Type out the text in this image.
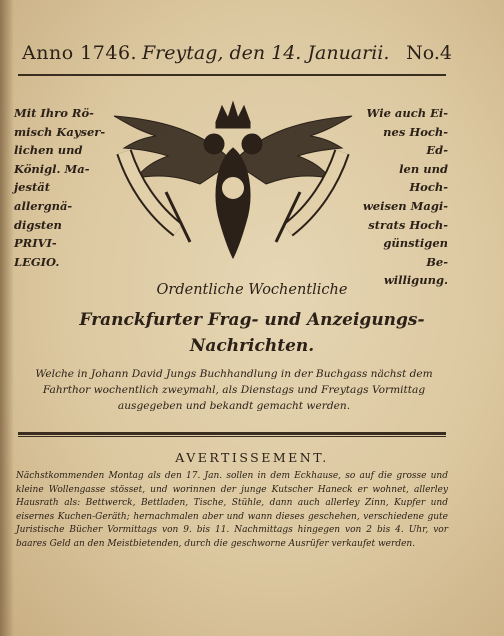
Anno 1746. Freytag, den 14. Januarii. No.4
Mit Ihro Rö-
misch Kayser-
lichen und
Königl. Ma-
jestät allergnä-
digsten PRIVI-
LEGIO.
Wie auch Ei-
nes Hoch-Ed-
len und Hoch-
weisen Magi-
strats Hoch-
günstigen Be-
willigung.
Ordentliche Wochentliche
Franckfurter Frag- und Anzeigungs-
Nachrichten.
Welche in Johann David Jungs Buchhandlung in der Buchgass nächst dem Fahrthor wochentlich zweymahl, als Dienstags und Freytags Vormittag ausgegeben und bekandt gemacht werden.
AVERTISSEMENT.
Nächstkommenden Montag als den 17. Jan. sollen in dem Eckhause, so auf die grosse und kleine Wollengasse stösset, und worinnen der junge Kutscher Haneck er wohnet, allerley Hausrath als: Bettwerck, Bettladen, Tische, Stühle, dann auch allerley Zinn, Kupfer und eisernes Kuchen-Geräth; hernachmalen aber und wann dieses geschehen, verschiedene gute Juristische Bücher Vormittags von 9. bis 11. Nachmittags hingegen von 2 bis 4. Uhr, vor baares Geld an den Meistbietenden, durch die geschworne Ausrüfer verkaufet werden.
